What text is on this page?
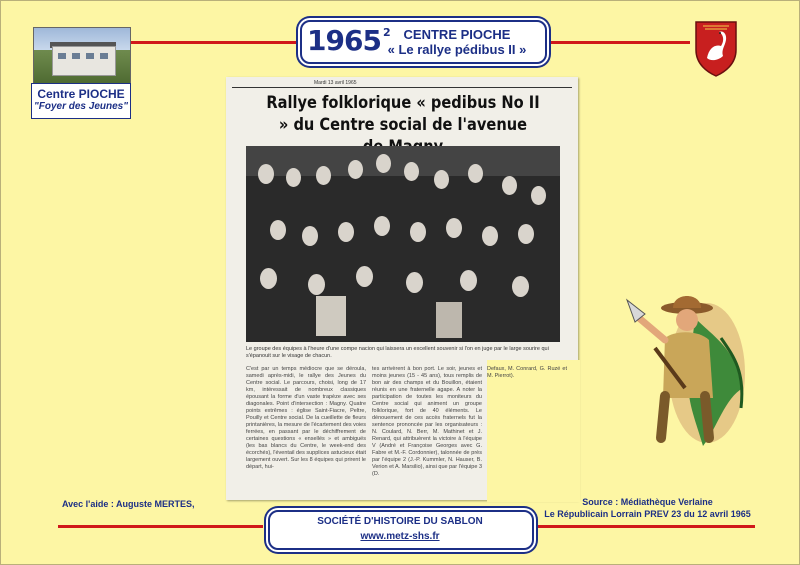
1965 $^2$	CENTRE PIOCHE
« Le rallye pédibus II »
Centre PIOCHE
"Foyer des Jeunes"
Mardi 13 avril 1965
Rallye folklorique « pedibus No II » du Centre social de l'avenue
Le groupe des équipes à l'heure d'une compe nacion qui laissera un excellent souvenir si l'on en juge par le large sourire qui s'épanouit sur le visage de chacun.
C'est par un temps médiocre que se déroula, samedi après-midi, le rallye des Jeunes du Centre social. Le parcours, choisi, long de 17 km, intéressait de nombreux classiques épousant la forme d'un vaste trapèze avec ses diagonales. Point d'intersection : Magny. Quatre points extrêmes : église Saint-Fiacre, Peltre, Pouilly et Centre social. De la cueillette de fleurs printanières, la mesure de l'écartement des voies ferrées, en passant par le déchiffrement de certaines questions « ensellés » et ambiguës (les bas blancs du Centre, le week-end des écorchés), l'éventail des supplices astucieux était largement ouvert. Sur les 8 équipes qui prirent le départ, hui-
tes arrivèrent à bon port. Le soir, jeunes et moins jeunes (15 - 45 ans), tous remplis de bon air des champs et du Bouillon, étaient réunis en une fraternelle agape. A noter la participation de toutes les moniteurs du Centre social qui animent un groupe folklorique, fort de 40 éléments. Le dénouement de ces accès fraternels fut la sentence prononcée par les organisateurs : N. Coulard, N. Berr, M. Mathinet et J. Renard, qui attribuèrent la victoire à l'équipe V (André et Françoise Georges avec G. Fabre et M.-F. Cordonnier), talonnée de près par l'équipe 2 (J.-P. Kummler, N. Hauser, B. Verion et A. Marsilio), ainsi que par l'équipe 3 (D.
Defaux, M. Conrard, G. Ruzé et M. Pierrot).
Avec l'aide : Auguste MERTES,	Source : Médiathèque Verlaine
Le Républicain Lorrain PREV 23 du 12 avril 1965
SOCIÉTÉ D'HISTOIRE DU SABLON
www.metz-shs.fr
